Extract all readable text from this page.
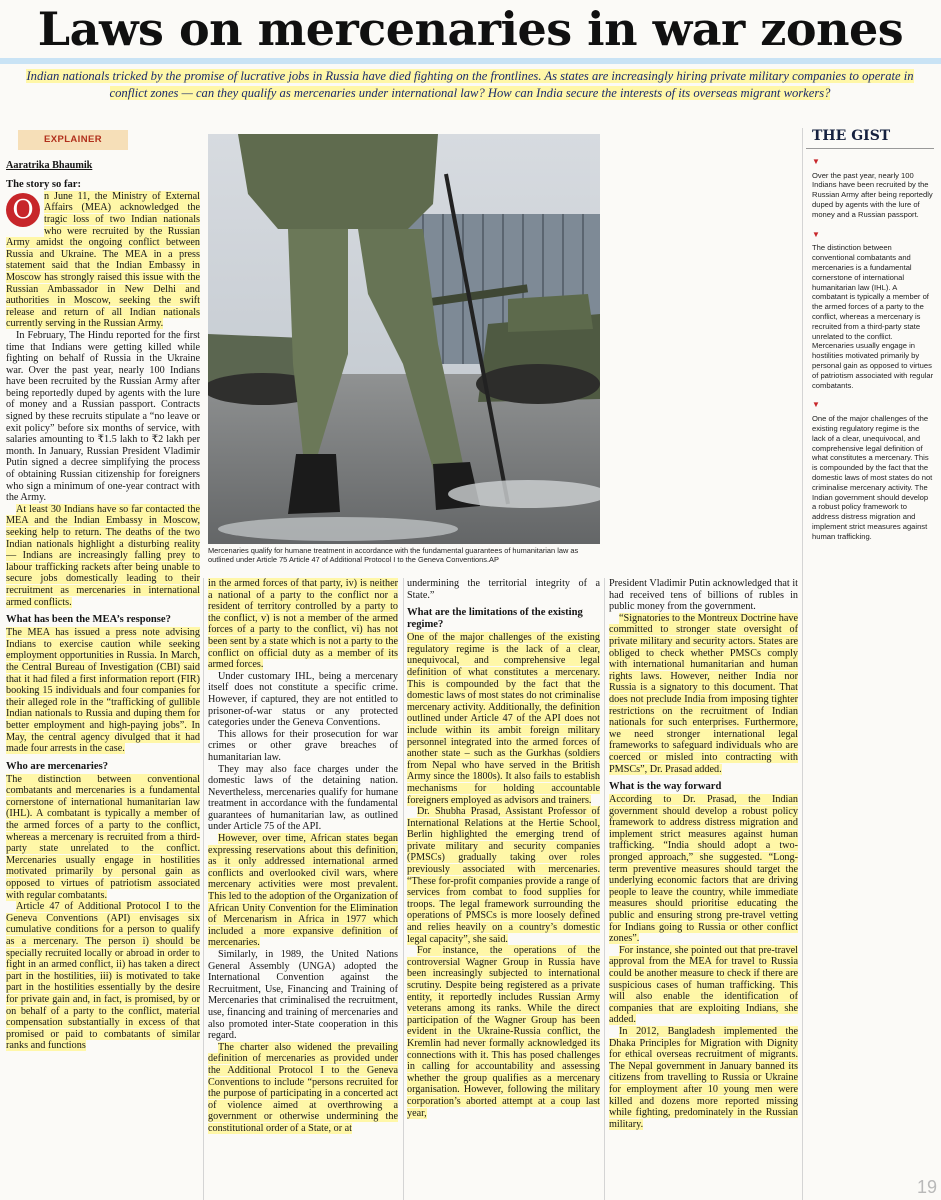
Laws on mercenaries in war zones
Indian nationals tricked by the promise of lucrative jobs in Russia have died fighting on the frontlines. As states are increasingly hiring private military companies to operate in conflict zones — can they qualify as mercenaries under international law? How can India secure the interests of its overseas migrant workers?
EXPLAINER
Aaratrika Bhaumik
The story so far:

O	n June 11, the Ministry of External Affairs (MEA) acknowledged the tragic loss of two Indian nationals who were recruited by the Russian Army amidst the ongoing conflict between Russia and Ukraine. The MEA in a press statement said that the Indian Embassy in Moscow has strongly raised this issue with the Russian Ambassador in New Delhi and authorities in Moscow, seeking the swift release and return of all Indian nationals currently serving in the Russian Army.

In February, The Hindu reported for the first time that Indians were getting killed while fighting on behalf of Russia in the Ukraine war. Over the past year, nearly 100 Indians have been recruited by the Russian Army after being reportedly duped by agents with the lure of money and a Russian passport. Contracts signed by these recruits stipulate a “no leave or exit policy” before six months of service, with salaries amounting to ₹1.5 lakh to ₹2 lakh per month. In January, Russian President Vladimir Putin signed a decree simplifying the process of obtaining Russian citizenship for foreigners who sign a minimum of one-year contract with the Army.

At least 30 Indians have so far contacted the MEA and the Indian Embassy in Moscow, seeking help to return. The deaths of the two Indian nationals highlight a disturbing reality — Indians are increasingly falling prey to labour trafficking rackets after being unable to secure jobs domestically leading to their recruitment as mercenaries in international armed conflicts.

What has been the MEA’s response?

The MEA has issued a press note advising Indians to exercise caution while seeking employment opportunities in Russia. In March, the Central Bureau of Investigation (CBI) said that it had filed a first information report (FIR) booking 15 individuals and four companies for their alleged role in the “trafficking of gullible Indian nationals to Russia and duping them for better employment and high-paying jobs”. In May, the central agency divulged that it had made four arrests in the case.

Who are mercenaries?

The distinction between conventional combatants and mercenaries is a fundamental cornerstone of international humanitarian law (IHL). A combatant is typically a member of the armed forces of a party to the conflict, whereas a mercenary is recruited from a third-party state unrelated to the conflict. Mercenaries usually engage in hostilities motivated primarily by personal gain as opposed to virtues of patriotism associated with regular combatants.

Article 47 of Additional Protocol I to the Geneva Conventions (API) envisages six cumulative conditions for a person to qualify as a mercenary. The person i) should be specially recruited locally or abroad in order to fight in an armed conflict, ii) has taken a direct part in the hostilities, iii) is motivated to take part in the hostilities essentially by the desire for private gain and, in fact, is promised, by or on behalf of a party to the conflict, material compensation substantially in excess of that promised or paid to combatants of similar ranks and functions

Mercenaries qualify for humane treatment in accordance with the fundamental guarantees of humanitarian law as outlined under Article 75 Article 47 of Additional Protocol I to the Geneva Conventions.AP

in the armed forces of that party, iv) is neither a national of a party to the conflict nor a resident of territory controlled by a party to the conflict, v) is not a member of the armed forces of a party to the conflict, vi) has not been sent by a state which is not a party to the conflict on official duty as a member of its armed forces.

Under customary IHL, being a mercenary itself does not constitute a specific crime. However, if captured, they are not entitled to prisoner-of-war status or any protected categories under the Geneva Conventions.

This allows for their prosecution for war crimes or other grave breaches of humanitarian law.

They may also face charges under the domestic laws of the detaining nation. Nevertheless, mercenaries qualify for humane treatment in accordance with the fundamental guarantees of humanitarian law, as outlined under Article 75 of the API.

However, over time, African states began expressing reservations about this definition, as it only addressed international armed conflicts and overlooked civil wars, where mercenary activities were most prevalent. This led to the adoption of the Organization of African Unity Convention for the Elimination of Mercenarism in Africa in 1977 which included a more expansive definition of mercenaries.

Similarly, in 1989, the United Nations General Assembly (UNGA) adopted the International Convention against the Recruitment, Use, Financing and Training of Mercenaries that criminalised the recruitment, use, financing and training of mercenaries and also promoted inter-State cooperation in this regard.

The charter also widened the prevailing definition of mercenaries as provided under the Additional Protocol I to the Geneva Conventions to include “persons recruited for the purpose of participating in a concerted act of violence aimed at overthrowing a government or otherwise undermining the constitutional order of a State, or at

undermining the territorial integrity of a State.”

What are the limitations of the existing regime?

One of the major challenges of the existing regulatory regime is the lack of a clear, unequivocal, and comprehensive legal definition of what constitutes a mercenary. This is compounded by the fact that the domestic laws of most states do not criminalise mercenary activity. Additionally, the definition outlined under Article 47 of the API does not include within its ambit foreign military personnel integrated into the armed forces of another state – such as the Gurkhas (soldiers from Nepal who have served in the British Army since the 1800s). It also fails to establish mechanisms for holding accountable foreigners employed as advisors and trainers.

Dr. Shubha Prasad, Assistant Professor of International Relations at the Hertie School, Berlin highlighted the emerging trend of private military and security companies (PMSCs) gradually taking over roles previously associated with mercenaries. “These for-profit companies provide a range of services from combat to food supplies for troops. The legal framework surrounding the operations of PMSCs is more loosely defined and relies heavily on a country’s domestic legal capacity”, she said.

For instance, the operations of the controversial Wagner Group in Russia have been increasingly subjected to international scrutiny. Despite being registered as a private entity, it reportedly includes Russian Army veterans among its ranks. While the direct participation of the Wagner Group has been evident in the Ukraine-Russia conflict, the Kremlin had never formally acknowledged its connections with it. This has posed challenges in calling for accountability and assessing whether the group qualifies as a mercenary organisation. However, following the military corporation’s aborted attempt at a coup last year,

President Vladimir Putin acknowledged that it had received tens of billions of rubles in public money from the government.

“Signatories to the Montreux Doctrine have committed to stronger state oversight of private military and security actors. States are obliged to check whether PMSCs comply with international humanitarian and human rights laws. However, neither India nor Russia is a signatory to this document. That does not preclude India from imposing tighter restrictions on the recruitment of Indian nationals for such enterprises. Furthermore, we need stronger international legal frameworks to safeguard individuals who are coerced or misled into contracting with PMSCs”, Dr. Prasad added.

What is the way forward

According to Dr. Prasad, the Indian government should develop a robust policy framework to address distress migration and implement strict measures against human trafficking. “India should adopt a two-pronged approach,” she suggested. “Long-term preventive measures should target the underlying economic factors that are driving people to leave the country, while immediate measures should prioritise educating the public and ensuring strong pre-travel vetting for Indians going to Russia or other conflict zones”.

For instance, she pointed out that pre-travel approval from the MEA for travel to Russia could be another measure to check if there are suspicious cases of human trafficking. This will also enable the identification of companies that are exploiting Indians, she added.

In 2012, Bangladesh implemented the Dhaka Principles for Migration with Dignity for ethical overseas recruitment of migrants. The Nepal government in January banned its citizens from travelling to Russia or Ukraine for employment after 10 young men were killed and dozens more reported missing while fighting, predominately in the Russian military.

THE GIST
▼
Over the past year, nearly 100 Indians have been recruited by the Russian Army after being reportedly duped by agents with the lure of money and a Russian passport.
▼
The distinction between conventional combatants and mercenaries is a fundamental cornerstone of international humanitarian law (IHL). A combatant is typically a member of the armed forces of a party to the conflict, whereas a mercenary is recruited from a third-party state unrelated to the conflict. Mercenaries usually engage in hostilities motivated primarily by personal gain as opposed to virtues of patriotism associated with regular combatants.
▼
One of the major challenges of the existing regulatory regime is the lack of a clear, unequivocal, and comprehensive legal definition of what constitutes a mercenary. This is compounded by the fact that the domestic laws of most states do not criminalise mercenary activity. The Indian government should develop a robust policy framework to address distress migration and implement strict measures against human trafficking.
19
